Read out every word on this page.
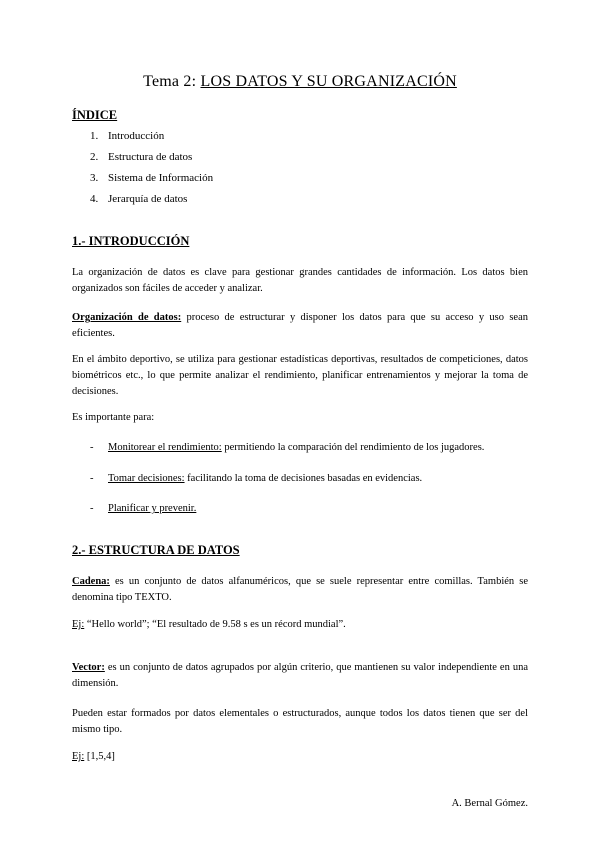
Tema 2: LOS DATOS Y SU ORGANIZACIÓN
ÍNDICE
1. Introducción
2. Estructura de datos
3. Sistema de Información
4. Jerarquía de datos
1.- INTRODUCCIÓN
La organización de datos es clave para gestionar grandes cantidades de información. Los datos bien organizados son fáciles de acceder y analizar.
Organización de datos: proceso de estructurar y disponer los datos para que su acceso y uso sean eficientes.
En el ámbito deportivo, se utiliza para gestionar estadísticas deportivas, resultados de competiciones, datos biométricos etc., lo que permite analizar el rendimiento, planificar entrenamientos y mejorar la toma de decisiones.
Es importante para:
- Monitorear el rendimiento: permitiendo la comparación del rendimiento de los jugadores.
- Tomar decisiones: facilitando la toma de decisiones basadas en evidencias.
- Planificar y prevenir.
2.- ESTRUCTURA DE DATOS
Cadena: es un conjunto de datos alfanuméricos, que se suele representar entre comillas. También se denomina tipo TEXTO.
Ej: “Hello world”; “El resultado de 9.58 s es un récord mundial”.
Vector: es un conjunto de datos agrupados por algún criterio, que mantienen su valor independiente en una dimensión.
Pueden estar formados por datos elementales o estructurados, aunque todos los datos tienen que ser del mismo tipo.
Ej: [1,5,4]
A. Bernal Gómez.
